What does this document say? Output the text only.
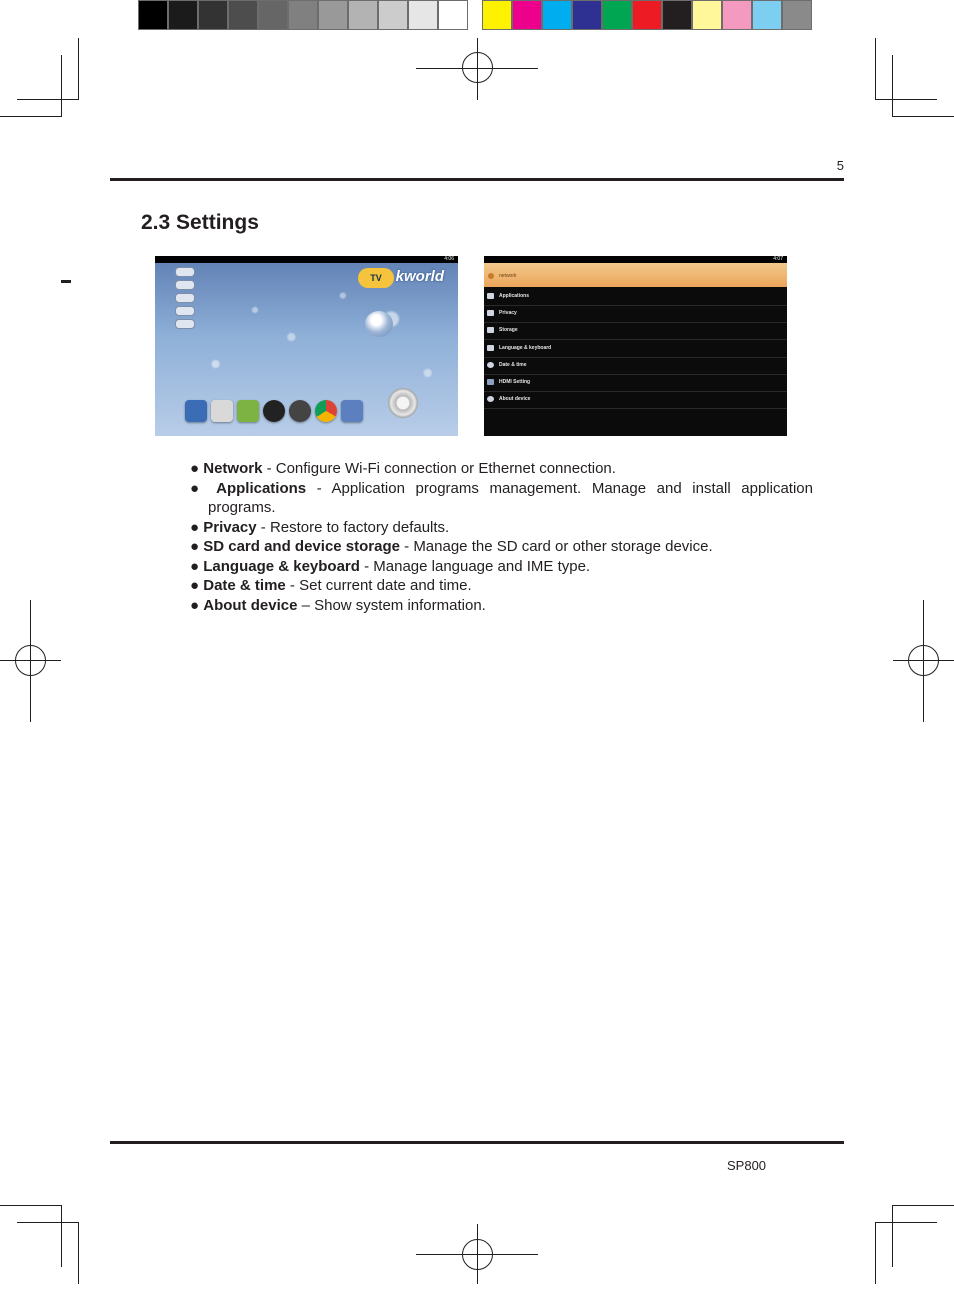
5
2.3 Settings
4:06
TV kworld
4:07
network
Applications
Privacy
Storage
Language & keyboard
Date & time
HDMI Setting
About device

● Network - Configure Wi-Fi connection or Ethernet connection.

● Applications - Application programs management. Manage and install application

programs.

● Privacy - Restore to factory defaults.

● SD card and device storage - Manage the SD card or other storage device.

● Language & keyboard - Manage language and IME type.

● Date & time - Set current date and time.

● About device – Show system information.

SP800
